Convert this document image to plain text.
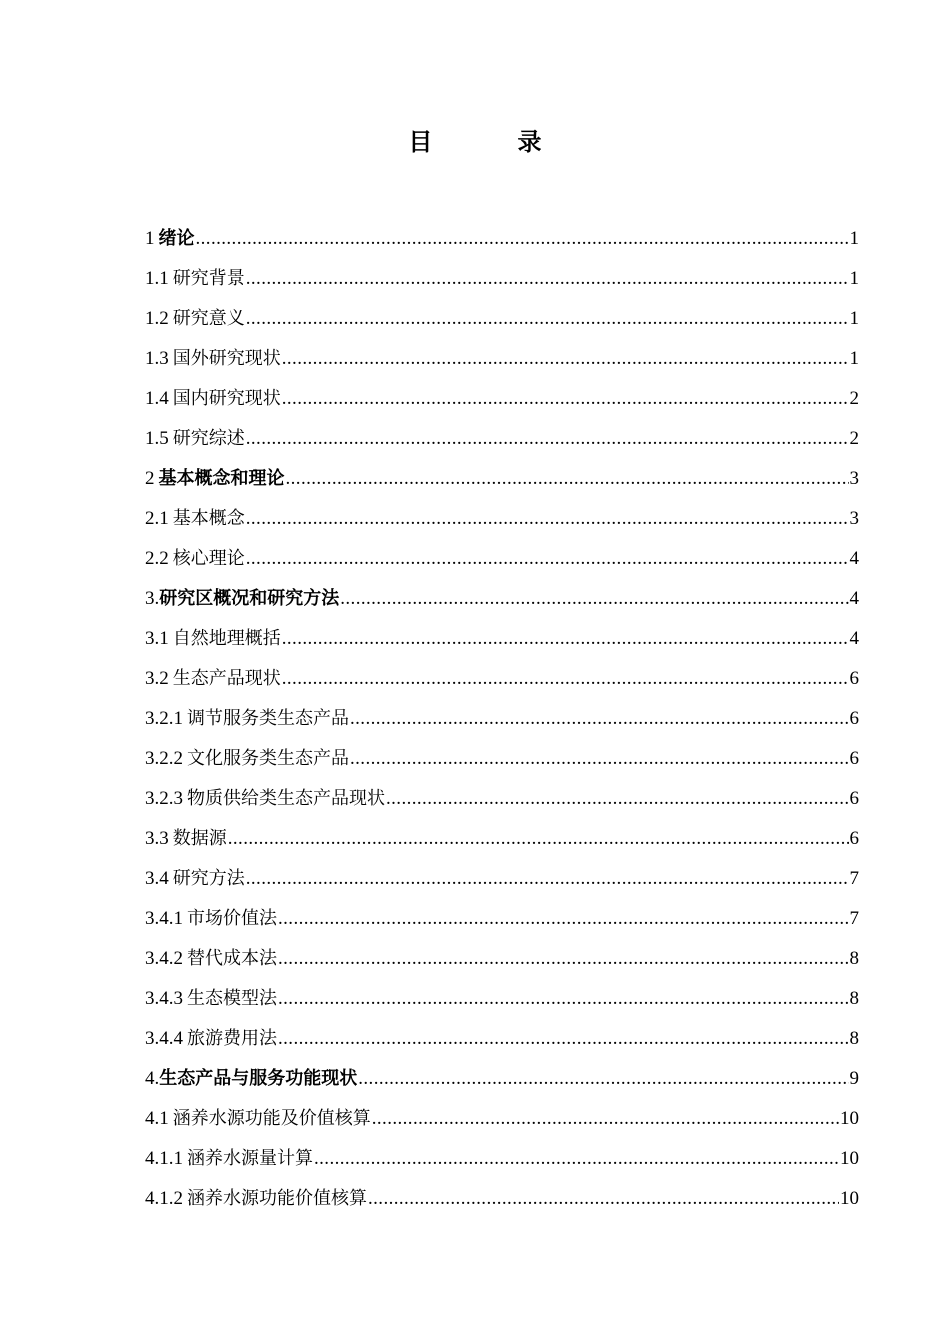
目 录
1 绪论 .....	1
1.1 研究背景 .....	1
1.2 研究意义 .....	1
1.3 国外研究现状 .....	1
1.4 国内研究现状 .....	2
1.5 研究综述 .....	2
2 基本概念和理论 .....	3
2.1 基本概念 .....	3
2.2 核心理论 .....	4
3. 研究区概况和研究方法 .....	4
3.1 自然地理概括 .....	4
3.2 生态产品现状 .....	6
3.2.1 调节服务类生态产品 .....	6
3.2.2 文化服务类生态产品 .....	6
3.2.3 物质供给类生态产品现状 .....	6
3.3 数据源 .....	6
3.4 研究方法 .....	7
3.4.1 市场价值法 .....	7
3.4.2 替代成本法 .....	8
3.4.3 生态模型法 .....	8
3.4.4 旅游费用法 .....	8
4. 生态产品与服务功能现状 .....	9
4.1 涵养水源功能及价值核算 .....	10
4.1.1 涵养水源量计算 .....	10
4.1.2 涵养水源功能价值核算 .....	10
